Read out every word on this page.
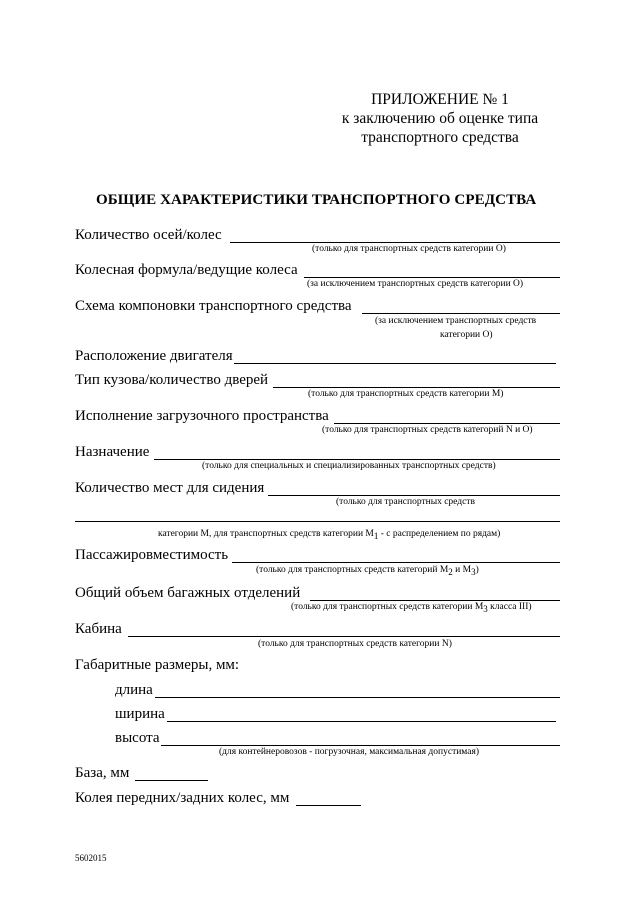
ПРИЛОЖЕНИЕ № 1
к заключению об оценке типа
транспортного средства
ОБЩИЕ ХАРАКТЕРИСТИКИ ТРАНСПОРТНОГО СРЕДСТВА
Количество осей/колес
(только для транспортных средств категории О)
Колесная формула/ведущие колеса
(за исключением транспортных средств категории О)
Схема компоновки транспортного средства
(за исключением транспортных средств
категории О)
Расположение двигателя
Тип кузова/количество дверей
(только для транспортных средств категории М)
Исполнение загрузочного пространства
(только для транспортных средств категорий N и О)
Назначение
(только для специальных и специализированных транспортных средств)
Количество мест для сидения
(только для транспортных средств
категории М, для транспортных средств категории $М_1$ - с распределением по рядам)
Пассажировместимость
(только для транспортных средств категорий $М_2$ и $М_3$)
Общий объем багажных отделений
(только для транспортных средств категории $М_3$ класса III)
Кабина
(только для транспортных средств категории N)
Габаритные размеры, мм:
длина
ширина
высота
(для контейнеровозов - погрузочная, максимальная допустимая)
База, мм
Колея передних/задних колес, мм
5602015
